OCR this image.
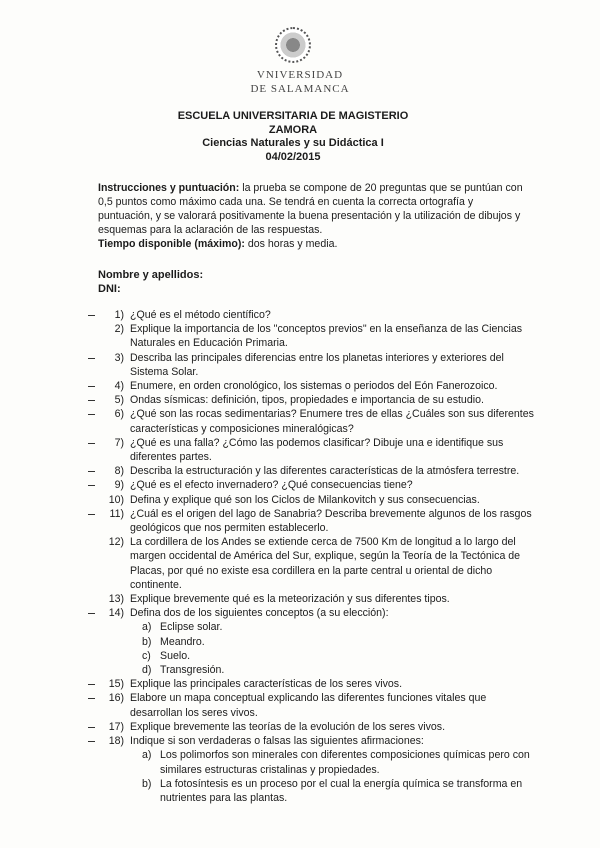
VNIVERSIDAD
DE SALAMANCA
ESCUELA UNIVERSITARIA DE MAGISTERIO
ZAMORA
Ciencias Naturales y su Didáctica I
04/02/2015
Instrucciones y puntuación: la prueba se compone de 20 preguntas que se puntúan con 0,5 puntos como máximo cada una. Se tendrá en cuenta la correcta ortografía y puntuación, y se valorará positivamente la buena presentación y la utilización de dibujos y esquemas para la aclaración de las respuestas.
Tiempo disponible (máximo): dos horas y media.
Nombre y apellidos:
DNI:
1) ¿Qué es el método científico?
2) Explique la importancia de los "conceptos previos" en la enseñanza de las Ciencias Naturales en Educación Primaria.
3) Describa las principales diferencias entre los planetas interiores y exteriores del Sistema Solar.
4) Enumere, en orden cronológico, los sistemas o periodos del Eón Fanerozoico.
5) Ondas sísmicas: definición, tipos, propiedades e importancia de su estudio.
6) ¿Qué son las rocas sedimentarias? Enumere tres de ellas ¿Cuáles son sus diferentes características y composiciones mineralógicas?
7) ¿Qué es una falla? ¿Cómo las podemos clasificar? Dibuje una e identifique sus diferentes partes.
8) Describa la estructuración y las diferentes características de la atmósfera terrestre.
9) ¿Qué es el efecto invernadero? ¿Qué consecuencias tiene?
10) Defina y explique qué son los Ciclos de Milankovitch y sus consecuencias.
11) ¿Cuál es el origen del lago de Sanabria? Describa brevemente algunos de los rasgos geológicos que nos permiten establecerlo.
12) La cordillera de los Andes se extiende cerca de 7500 Km de longitud a lo largo del margen occidental de América del Sur, explique, según la Teoría de la Tectónica de Placas, por qué no existe esa cordillera en la parte central u oriental de dicho continente.
13) Explique brevemente qué es la meteorización y sus diferentes tipos.
14) Defina dos de los siguientes conceptos (a su elección):
a) Eclipse solar.
b) Meandro.
c) Suelo.
d) Transgresión.
15) Explique las principales características de los seres vivos.
16) Elabore un mapa conceptual explicando las diferentes funciones vitales que desarrollan los seres vivos.
17) Explique brevemente las teorías de la evolución de los seres vivos.
18) Indique si son verdaderas o falsas las siguientes afirmaciones:
a) Los polimorfos son minerales con diferentes composiciones químicas pero con similares estructuras cristalinas y propiedades.
b) La fotosíntesis es un proceso por el cual la energía química se transforma en nutrientes para las plantas.
